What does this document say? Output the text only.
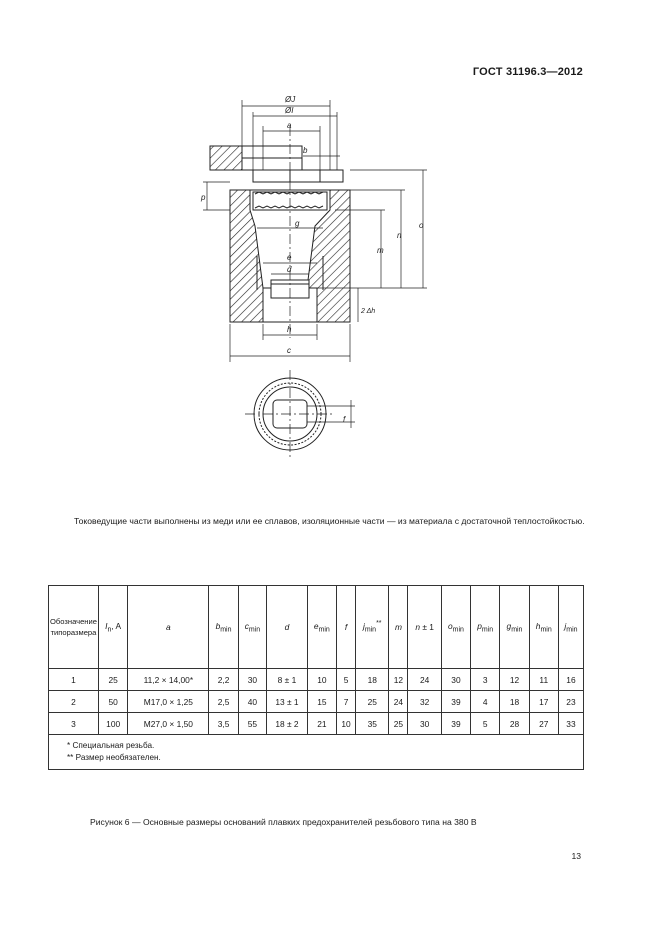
ГОСТ 31196.3—2012
ØJ
ØI
a
b
p
g
e
d
h
c
m
n
o
2 Δh
f
Токоведущие части выполнены из меди или ее сплавов, изоляционные части — из материала с достаточной теплостойкостью.
Обозначение типоразмера	$I_n$, A	a	$b_{min}$	$c_{min}$	d	$e_{min}$	f	$j_{min}^{**}$	m	n ± 1	$o_{min}$	$p_{min}$	$g_{min}$	$h_{min}$	$j_{min}$
1	25	11,2 × 14,00*	2,2	30	8 ± 1	10	5	18	12	24	30	3	12	11	16
2	50	M17,0 × 1,25	2,5	40	13 ± 1	15	7	25	24	32	39	4	18	17	23
3	100	M27,0 × 1,50	3,5	55	18 ± 2	21	10	35	25	30	39	5	28	27	33

* Специальная резьба.
** Размер необязателен.															
Рисунок 6 — Основные размеры оснований плавких предохранителей резьбового типа на 380 В
13
